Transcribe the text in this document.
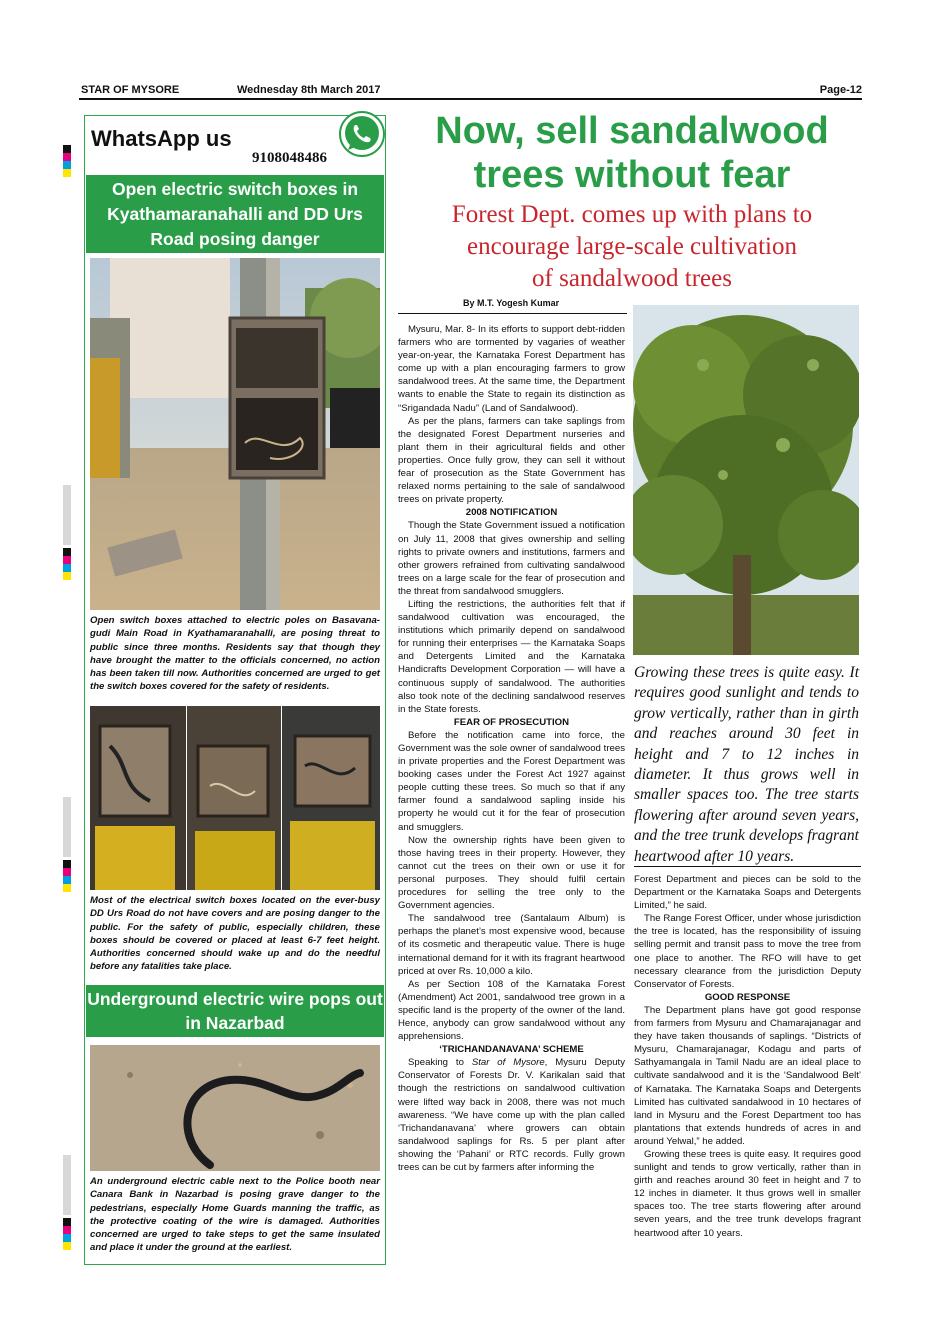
STAR OF MYSORE	Wednesday 8th March 2017	Page-12
WhatsApp us
9108048486
Open electric switch boxes in Kyathamaranahalli and DD Urs Road posing danger
Open switch boxes attached to electric poles on Basavana-gudi Main Road in Kyathamaranahalli, are posing threat to public since three months. Residents say that though they have brought the matter to the officials concerned, no action has been taken till now. Authorities concerned are urged to get the switch boxes covered for the safety of residents.
Most of the electrical switch boxes located on the ever-busy DD Urs Road do not have covers and are posing danger to the public. For the safety of public, especially children, these boxes should be covered or placed at least 6-7 feet height. Authorities concerned should wake up and do the needful before any fatalities take place.
Underground electric wire pops out in Nazarbad
An underground electric cable next to the Police booth near Canara Bank in Nazarbad is posing grave danger to the pedestrians, especially Home Guards manning the traffic, as the protective coating of the wire is damaged. Authorities concerned are urged to take steps to get the same insulated and place it under the ground at the earliest.
Now, sell sandalwood
trees without fear
Forest Dept. comes up with plans to
encourage large-scale cultivation
of sandalwood trees
By M.T. Yogesh Kumar

Mysuru, Mar. 8- In its efforts to support debt-ridden farmers who are tormented by vagaries of weather year-on-year, the Karnataka Forest Department has come up with a plan encouraging farmers to grow sandalwood trees. At the same time, the Department wants to enable the State to regain its distinction as “Srigandada Nadu” (Land of Sandalwood).

As per the plans, farmers can take saplings from the designated Forest Department nurseries and plant them in their agricultural fields and other properties. Once fully grow, they can sell it without fear of prosecution as the State Government has relaxed norms pertaining to the sale of sandalwood trees on private property.

2008 NOTIFICATION

Though the State Government issued a notification on July 11, 2008 that gives ownership and selling rights to private owners and institutions, farmers and other growers refrained from cultivating sandalwood trees on a large scale for the fear of prosecution and the threat from sandalwood smugglers.

Lifting the restrictions, the authorities felt that if sandalwood cultivation was encouraged, the institutions which primarily depend on sandalwood for running their enterprises — the Karnataka Soaps and Detergents Limited and the Karnataka Handicrafts Development Corporation — will have a continuous supply of sandalwood. The authorities also took note of the declining sandalwood reserves in the State forests.

FEAR OF PROSECUTION

Before the notification came into force, the Government was the sole owner of sandalwood trees in private properties and the Forest Department was booking cases under the Forest Act 1927 against people cutting these trees. So much so that if any farmer found a sandalwood sapling inside his property he would cut it for the fear of prosecution and smugglers.

Now the ownership rights have been given to those having trees in their property. However, they cannot cut the trees on their own or use it for personal purposes. They should fulfil certain procedures for selling the tree only to the Government agencies.

The sandalwood tree (Santalaum Album) is perhaps the planet’s most expensive wood, because of its cosmetic and therapeutic value. There is huge international demand for it with its fragrant heartwood priced at over Rs. 10,000 a kilo.

As per Section 108 of the Karnataka Forest (Amendment) Act 2001, sandalwood tree grown in a specific land is the property of the owner of the land. Hence, anybody can grow sandalwood without any apprehensions.

‘TRICHANDANAVANA’ SCHEME

Speaking to Star of Mysore, Mysuru Deputy Conservator of Forests Dr. V. Karikalan said that though the restrictions on sandalwood cultivation were lifted way back in 2008, there was not much awareness. “We have come up with the plan called ‘Trichandanavana’ where growers can obtain sandalwood saplings for Rs. 5 per plant after showing the ‘Pahani’ or RTC records. Fully grown trees can be cut by farmers after informing the

Growing these trees is quite easy. It requires good sunlight and tends to grow vertically, rather than in girth and reaches around 30 feet in height and 7 to 12 inches in diameter. It thus grows well in smaller spaces too. The tree starts flowering after around seven years, and the tree trunk develops fragrant heartwood after 10 years.

Forest Department and pieces can be sold to the Department or the Karnataka Soaps and Detergents Limited,” he said.

The Range Forest Officer, under whose jurisdiction the tree is located, has the responsibility of issuing selling permit and transit pass to move the tree from one place to another. The RFO will have to get necessary clearance from the jurisdiction Deputy Conservator of Forests.

GOOD RESPONSE

The Department plans have got good response from farmers from Mysuru and Chamarajanagar and they have taken thousands of saplings. “Districts of Mysuru, Chamarajanagar, Kodagu and parts of Sathyamangala in Tamil Nadu are an ideal place to cultivate sandalwood and it is the ‘Sandalwood Belt’ of Karnataka. The Karnataka Soaps and Detergents Limited has cultivated sandalwood in 10 hectares of land in Mysuru and the Forest Department too has plantations that extends hundreds of acres in and around Yelwal,” he added.

Growing these trees is quite easy. It requires good sunlight and tends to grow vertically, rather than in girth and reaches around 30 feet in height and 7 to 12 inches in diameter. It thus grows well in smaller spaces too. The tree starts flowering after around seven years, and the tree trunk develops fragrant heartwood after 10 years.
